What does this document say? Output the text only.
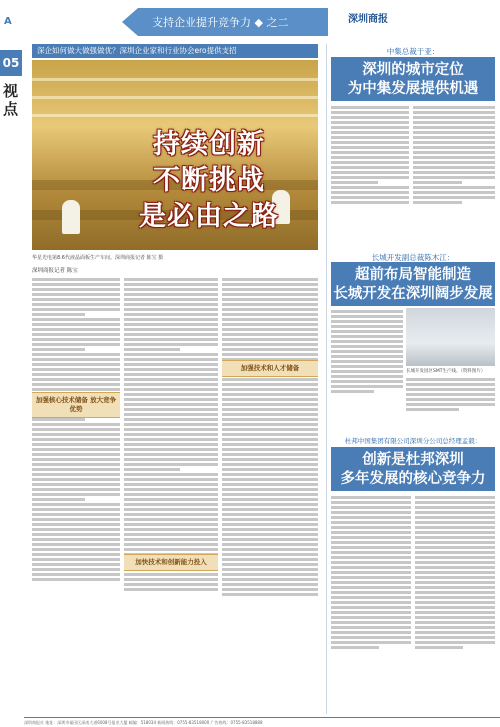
支持企业提升竞争力 ◆ 之二	深圳商报
A
05
视点
深企如何做大做强做优？深圳企业家和行业协会ero提供支招
持续创新
不断挑战
是必由之路
华星光电第8.6代液晶面板生产车间。深圳商报记者 陈宝 摄
深圳商报记者 陈宝
加强核心技术储备 放大竞争优势
加强技术和人才储备
加快技术和创新能力投入
中集总裁于亚：
深圳的城市定位
为中集发展提供机遇
长城开发副总裁陈木江：
超前布局智能制造
长城开发在深圳阔步发展
长城开发园区SMT生产线。（资料图片）
杜邦中国集团有限公司深圳分公司总经理孟毅：
创新是杜邦深圳
多年发展的核心竞争力
深圳商报社 地址：深圳市福田区深南大道6008号报业大厦 邮编：518034 新闻热线：0755-83518000 广告热线：0755-83518888
